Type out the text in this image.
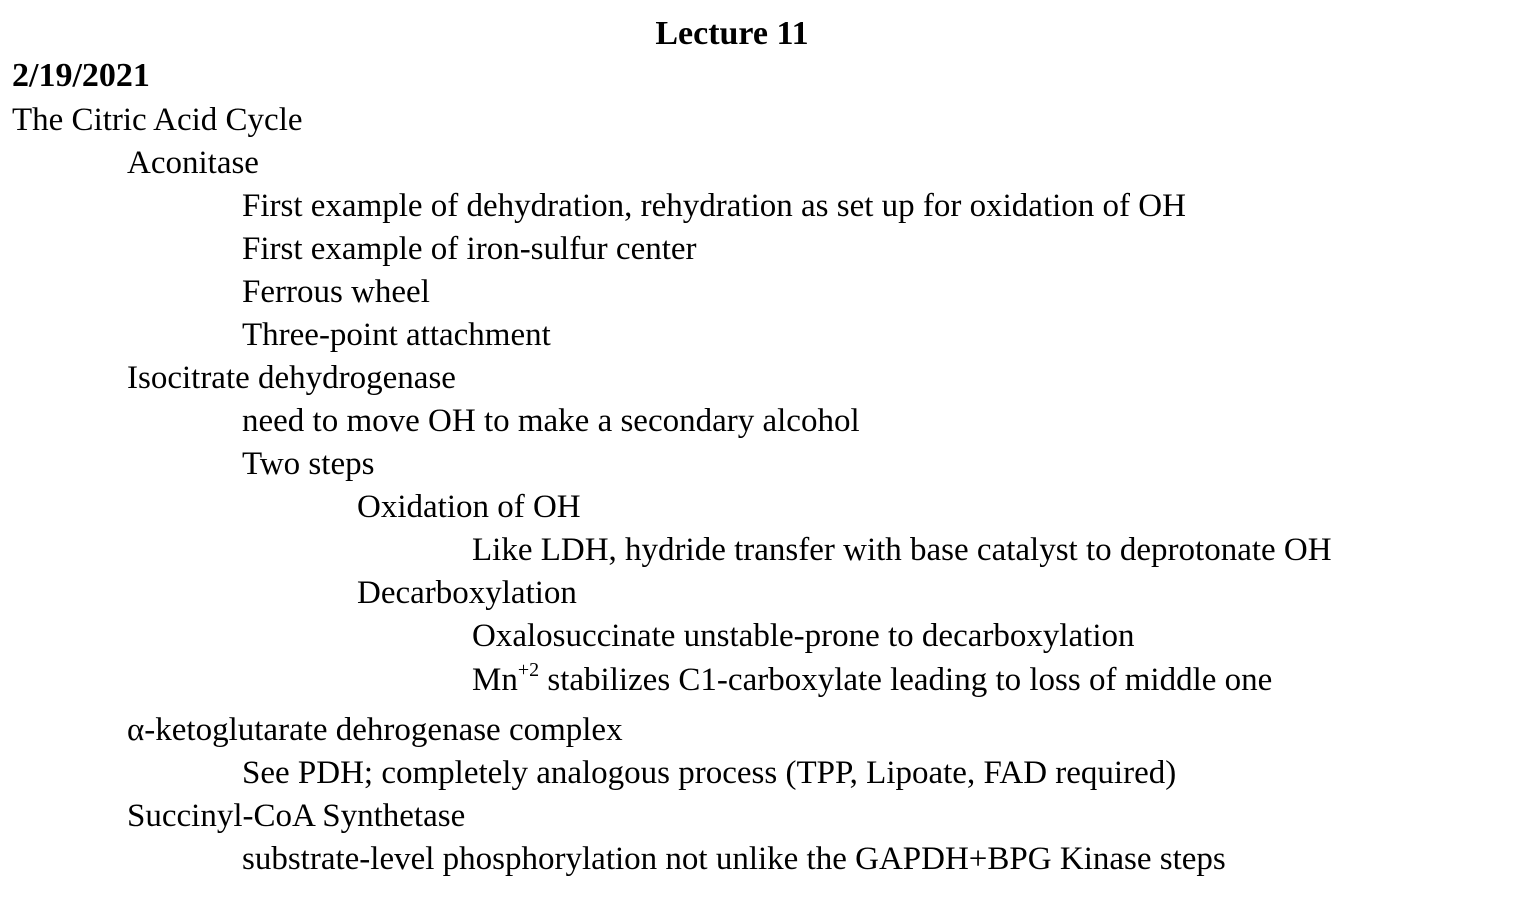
Lecture 11
2/19/2021
The Citric Acid Cycle
Aconitase
First example of dehydration, rehydration as set up for oxidation of OH
First example of iron-sulfur center
Ferrous wheel
Three-point attachment
Isocitrate dehydrogenase
need to move OH to make a secondary alcohol
Two steps
Oxidation of OH
Like LDH, hydride transfer with base catalyst to deprotonate OH
Decarboxylation
Oxalosuccinate unstable-prone to decarboxylation
$Mn^{+2}$ stabilizes C1-carboxylate leading to loss of middle one
α-ketoglutarate dehrogenase complex
See PDH; completely analogous process (TPP, Lipoate, FAD required)
Succinyl-CoA Synthetase
substrate-level phosphorylation not unlike the GAPDH+BPG Kinase steps
